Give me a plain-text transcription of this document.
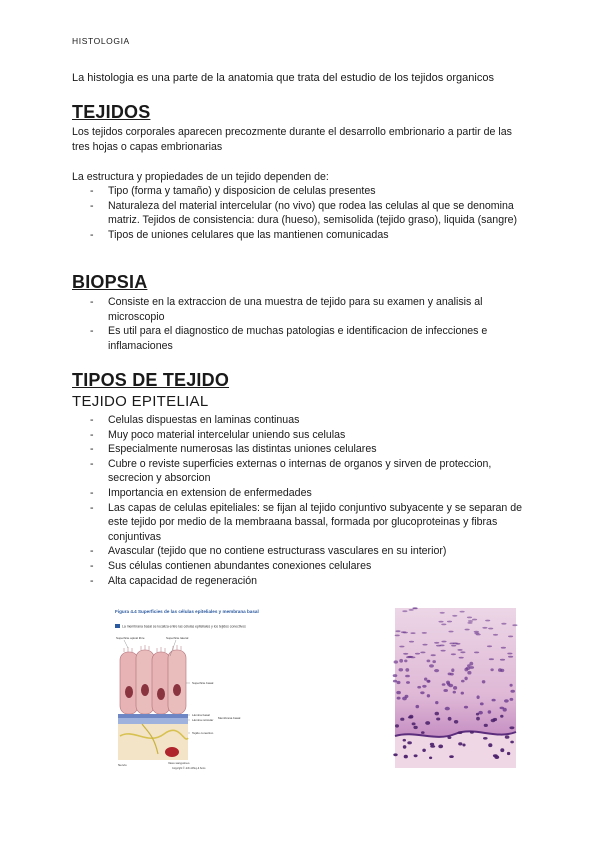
HISTOLOGIA
La histologia es una parte de la anatomia que trata del estudio de los tejidos organicos
TEJIDOS
Los tejidos corporales aparecen precozmente durante el desarrollo embrionario a partir de las tres hojas o capas embrionarias
La estructura y propiedades de un tejido dependen de:
- Tipo (forma y tamaño) y disposicion de celulas presentes
- Naturaleza del material intercelular (no vivo) que rodea las celulas al que se denomina matriz. Tejidos de consistencia: dura (hueso), semisolida (tejido graso), liquida (sangre)
- Tipos de uniones celulares que las mantienen comunicadas
BIOPSIA
- Consiste en la extraccion de una muestra de tejido para su examen y analisis al microscopio
- Es util para el diagnostico de muchas patologias e identificacion de infecciones e inflamaciones
TIPOS DE TEJIDO
TEJIDO EPITELIAL
- Celulas dispuestas en laminas continuas
- Muy poco material intercelular uniendo sus celulas
- Especialmente numerosas las distintas uniones celulares
- Cubre o reviste superficies externas o internas de organos y sirven de proteccion, secrecion y absorcion
- Importancia en extension de enfermedades
- Las capas de celulas epiteliales: se fijan al tejido conjuntivo subyacente y se separan de este tejido por medio de la membraana bassal, formada por glucoproteinas y fibras conjuntivas
- Avascular (tejido que no contiene estructurass vasculares en su interior)
- Sus células contienen abundantes conexiones celulares
- Alta capacidad de regeneración
Figura 4.4 Superficies de las células epiteliales y membrana basal
La membrana basal se localiza entre las células epiteliales y los tejidos conectivos
Superficie apical libre	Superficie lateral
Superficie basal
Lámina basal
Lámina reticular Membrana basal
Tejido conectivo
Nervio	Vaso sanguíneo
Copyright © John Wiley & Sons
